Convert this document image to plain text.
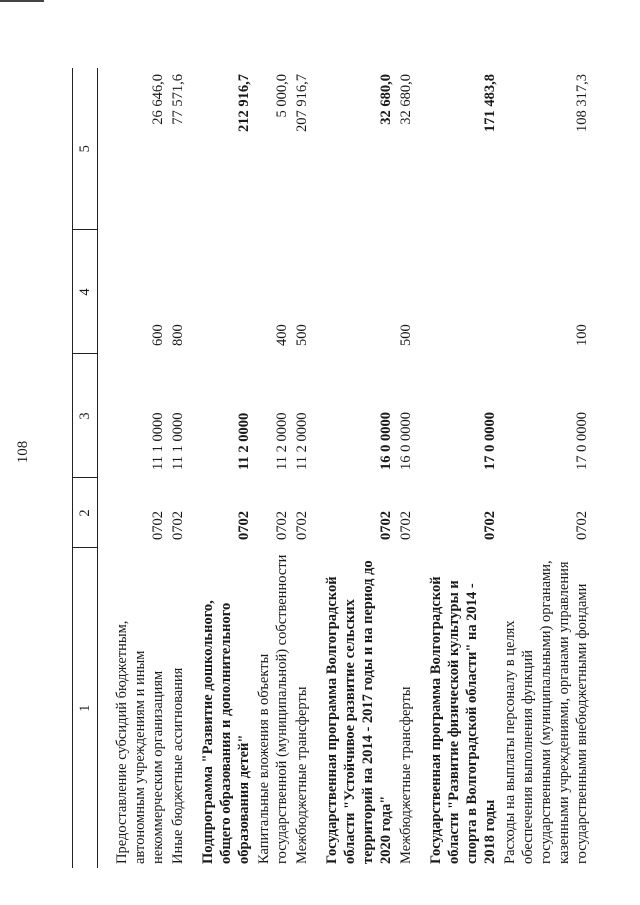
108
1	2	3	4	5

Предоставление субсидий бюджетным, автономным учреждениям и иным некоммерческим организациям	0702	11 1 0000	600	26 646,0
Иные бюджетные ассигнования	0702	11 1 0000	800	77 571,6

Подпрограмма "Развитие дошкольного, общего образования и дополнительного образования детей"	0702	11 2 0000		212 916,7
Капитальные вложения в объекты государственной (муниципальной) собственности	0702	11 2 0000	400	5 000,0
Межбюджетные трансферты	0702	11 2 0000	500	207 916,7

Государственная программа Волгоградской области "Устойчивое развитие сельских территорий на 2014 - 2017 годы и на период до 2020 года"	0702	16 0 0000		32 680,0
Межбюджетные трансферты	0702	16 0 0000	500	32 680,0

Государственная программа Волгоградской области "Развитие физической культуры и спорта в Волгоградской области" на 2014 - 2018 годы	0702	17 0 0000		171 483,8
Расходы на выплаты персоналу в целях обеспечения выполнения функций государственными (муниципальными) органами, казенными учреждениями, органами управления государственными внебюджетными фондами	0702	17 0 0000	100	108 317,3
